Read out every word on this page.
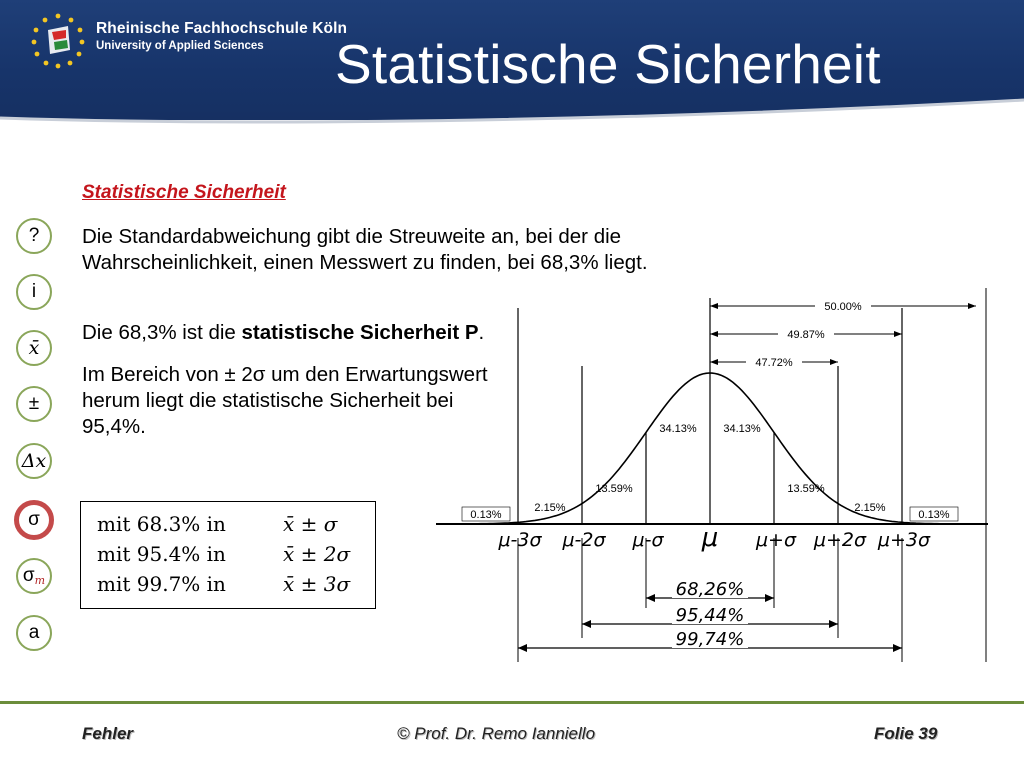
Rheinische Fachhochschule Köln
University of Applied Sciences Statistische Sicherheit
?
i
x̄
±
Δx
σ
$\sigma_m$
a
Statistische Sicherheit
Die Standardabweichung gibt die Streuweite an, bei der die Wahrscheinlichkeit, einen Messwert zu finden, bei 68,3% liegt.
Die 68,3% ist die statistische Sicherheit P.
Im Bereich von ± 2σ um den Erwartungswert herum liegt die statistische Sicherheit bei 95,4%.
mit 68.3% in	x̄ ± σ
mit 95.4% in	x̄ ± 2σ
mit 99.7% in	x̄ ± 3σ
50.00%
49.87%
47.72%
0.13%
2.15%
13.59%
34.13% 34.13%
13.59%
2.15%
0.13%
μ-3σ μ-2σ μ-σ μ μ+σ μ+2σ μ+3σ
68,26%
95,44%
99,74%
Fehler	© Prof. Dr. Remo Ianniello	Folie 39
